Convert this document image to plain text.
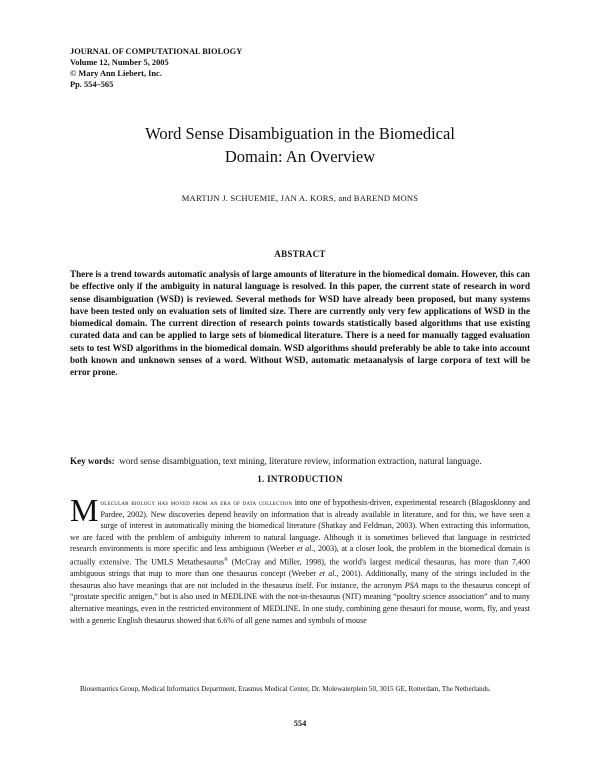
JOURNAL OF COMPUTATIONAL BIOLOGY
Volume 12, Number 5, 2005
© Mary Ann Liebert, Inc.
Pp. 554–565
Word Sense Disambiguation in the Biomedical
Domain: An Overview
MARTIJN J. SCHUEMIE, JAN A. KORS, and BAREND MONS
ABSTRACT

There is a trend towards automatic analysis of large amounts of literature in the biomedical domain. However, this can be effective only if the ambiguity in natural language is resolved. In this paper, the current state of research in word sense disambiguation (WSD) is reviewed. Several methods for WSD have already been proposed, but many systems have been tested only on evaluation sets of limited size. There are currently only very few applications of WSD in the biomedical domain. The current direction of research points towards statistically based algorithms that use existing curated data and can be applied to large sets of biomedical literature. There is a need for manually tagged evaluation sets to test WSD algorithms in the biomedical domain. WSD algorithms should preferably be able to take into account both known and unknown senses of a word. Without WSD, automatic metaanalysis of large corpora of text will be error prone.

Key words: word sense disambiguation, text mining, literature review, information extraction, natural language.

1. INTRODUCTION

Molecular biology has moved from an era of data collection into one of hypothesis-driven, experimental research (Blagosklonny and Pardee, 2002). New discoveries depend heavily on information that is already available in literature, and for this, we have seen a surge of interest in automatically mining the biomedical literature (Shatkay and Feldman, 2003). When extracting this information, we are faced with the problem of ambiguity inherent to natural language. Although it is sometimes believed that language in restricted research environments is more specific and less ambiguous (Weeber et al., 2003), at a closer look, the problem in the biomedical domain is actually extensive. The UMLS Metathesaurus® (McCray and Miller, 1998), the world's largest medical thesaurus, has more than 7,400 ambiguous strings that map to more than one thesaurus concept (Weeber et al., 2001). Additionally, many of the strings included in the thesaurus also have meanings that are not included in the thesaurus itself. For instance, the acronym PSA maps to the thesaurus concept of “prostate specific antigen,” but is also used in MEDLINE with the not-in-thesaurus (NIT) meaning “poultry science association” and to many alternative meanings, even in the restricted environment of MEDLINE. In one study, combining gene thesauri for mouse, worm, fly, and yeast with a generic English thesaurus showed that 6.6% of all gene names and symbols of mouse

Biosemantics Group, Medical Informatics Department, Erasmus Medical Center, Dr. Molewaterplein 50, 3015 GE, Rotterdam, The Netherlands.

554
